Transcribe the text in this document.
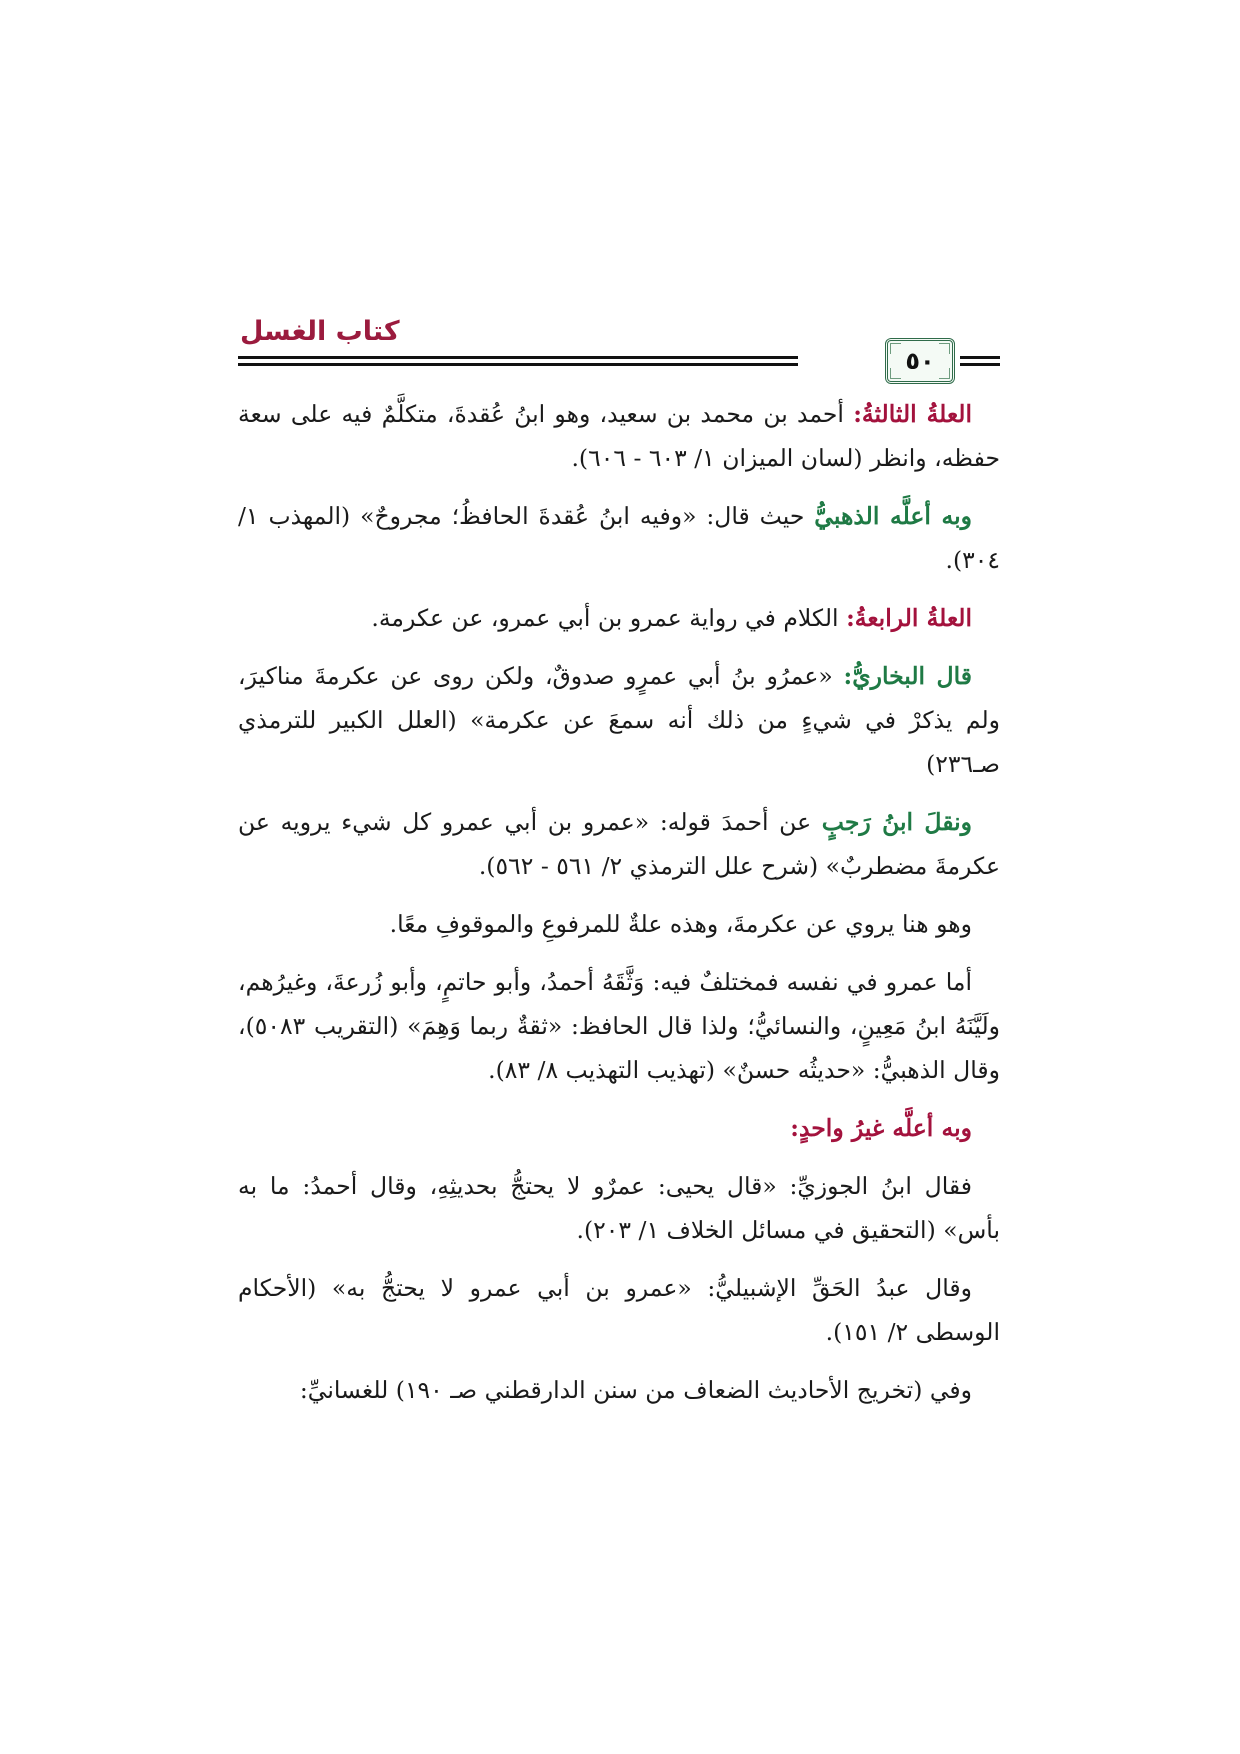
كتاب الغسل
٥٠

العلةُ الثالثةُ: أحمد بن محمد بن سعيد، وهو ابنُ عُقدةَ، متكلَّمٌ فيه على سعة حفظه، وانظر (لسان الميزان ١/ ٦٠٣ - ٦٠٦).

وبه أعلَّه الذهبيُّ حيث قال: «وفيه ابنُ عُقدةَ الحافظُ؛ مجروحٌ» (المهذب ١/ ٣٠٤).

العلةُ الرابعةُ: الكلام في رواية عمرو بن أبي عمرو، عن عكرمة.

قال البخاريُّ: «عمرُو بنُ أبي عمرٍو صدوقٌ، ولكن روى عن عكرمةَ مناكيرَ، ولم يذكرْ في شيءٍ من ذلك أنه سمعَ عن عكرمة» (العلل الكبير للترمذي صـ٢٣٦)

ونقلَ ابنُ رَجبٍ عن أحمدَ قوله: «عمرو بن أبي عمرو كل شيء يرويه عن عكرمةَ مضطربٌ» (شرح علل الترمذي ٢/ ٥٦١ - ٥٦٢).

وهو هنا يروي عن عكرمةَ، وهذه علةٌ للمرفوعِ والموقوفِ معًا.

أما عمرو في نفسه فمختلفٌ فيه: وَثَّقَهُ أحمدُ، وأبو حاتمٍ، وأبو زُرعةَ، وغيرُهم، ولَيَّنَهُ ابنُ مَعِينٍ، والنسائيُّ؛ ولذا قال الحافظ: «ثقةٌ ربما وَهِمَ» (التقريب ٥٠٨٣)، وقال الذهبيُّ: «حديثُه حسنٌ» (تهذيب التهذيب ٨/ ٨٣).

وبه أعلَّه غيرُ واحدٍ:

فقال ابنُ الجوزيِّ: «قال يحيى: عمرٌو لا يحتجُّ بحديثِهِ، وقال أحمدُ: ما به بأس» (التحقيق في مسائل الخلاف ١/ ٢٠٣).

وقال عبدُ الحَقِّ الإشبيليُّ: «عمرو بن أبي عمرو لا يحتجُّ به» (الأحكام الوسطى ٢/ ١٥١).

وفي (تخريج الأحاديث الضعاف من سنن الدارقطني صـ ١٩٠) للغسانيِّ:
